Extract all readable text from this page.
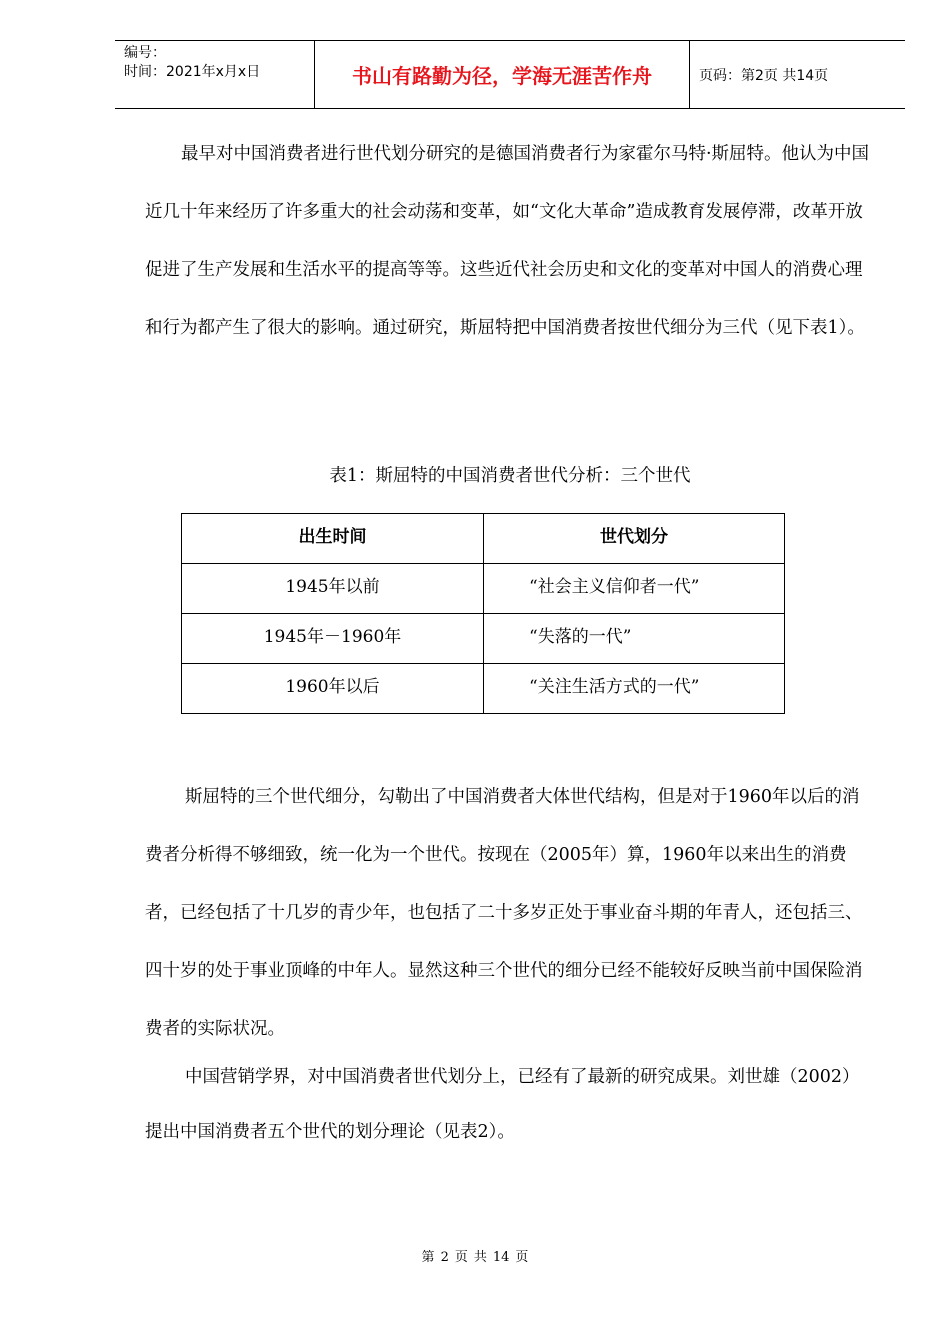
编号：
时间：2021年x月x日	书山有路勤为径，学海无涯苦作舟	页码：第2页 共14页

最早对中国消费者进行世代划分研究的是德国消费者行为家霍尔马特·斯屈特。他认为中国近几十年来经历了许多重大的社会动荡和变革，如“文化大革命”造成教育发展停滞，改革开放促进了生产发展和生活水平的提高等等。这些近代社会历史和文化的变革对中国人的消费心理和行为都产生了很大的影响。通过研究，斯屈特把中国消费者按世代细分为三代（见下表1）。

表1：斯屈特的中国消费者世代分析：三个世代
出生时间	世代划分
1945年以前	“社会主义信仰者一代”
1945年－1960年	“失落的一代”
1960年以后	“关注生活方式的一代”

斯屈特的三个世代细分，勾勒出了中国消费者大体世代结构，但是对于1960年以后的消费者分析得不够细致，统一化为一个世代。按现在（2005年）算，1960年以来出生的消费者，已经包括了十几岁的青少年，也包括了二十多岁正处于事业奋斗期的年青人，还包括三、四十岁的处于事业顶峰的中年人。显然这种三个世代的细分已经不能较好反映当前中国保险消费者的实际状况。

中国营销学界，对中国消费者世代划分上，已经有了最新的研究成果。刘世雄（2002）提出中国消费者五个世代的划分理论（见表2）。

第 2 页 共 14 页
